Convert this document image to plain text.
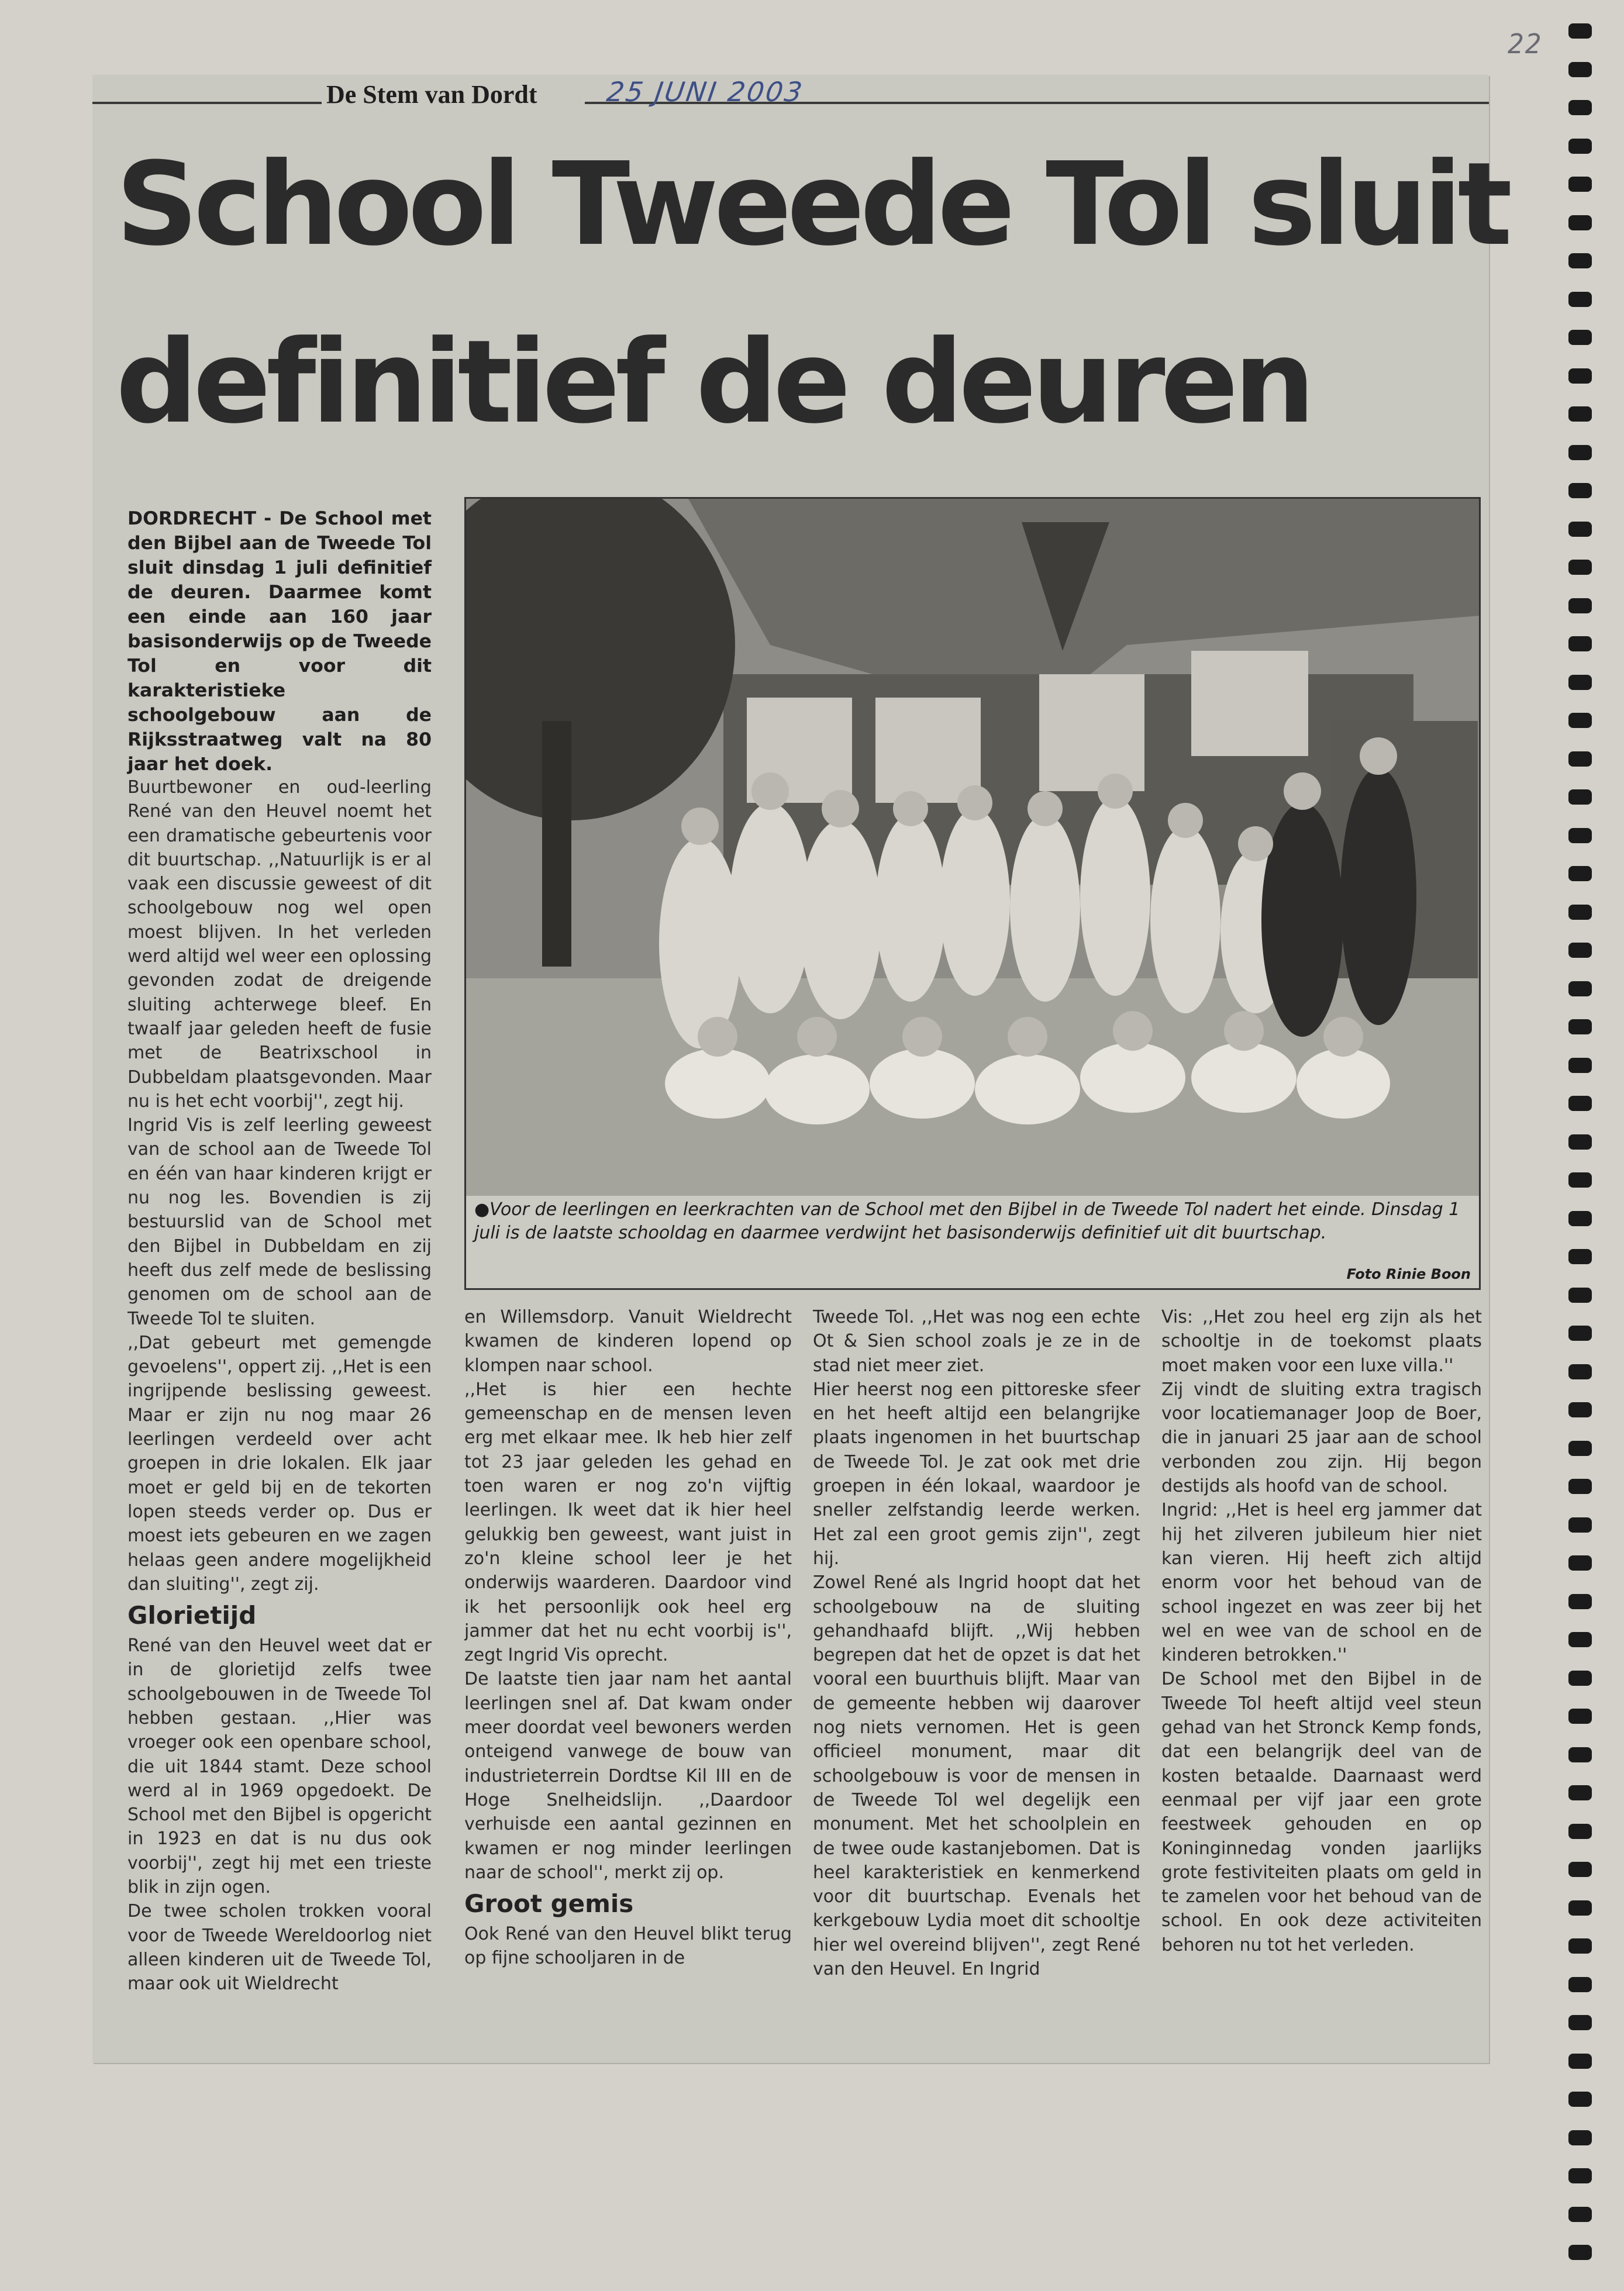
22
De Stem van Dordt	25 JUNI 2003
School Tweede Tol sluit
definitief de deuren
DORDRECHT - De School met den Bijbel aan de Tweede Tol sluit dinsdag 1 juli definitief de deuren. Daarmee komt een einde aan 160 jaar basisonderwijs op de Tweede Tol en voor dit karakteristieke schoolgebouw aan de Rijksstraatweg valt na 80 jaar het doek.
●Voor de leerlingen en leerkrachten van de School met den Bijbel in de Tweede Tol nadert het einde. Dinsdag 1 juli is de laatste schooldag en daarmee verdwijnt het basisonderwijs definitief uit dit buurtschap.
Foto Rinie Boon

Buurtbewoner en oud-leerling René van den Heuvel noemt het een dramatische gebeurtenis voor dit buurtschap. ,,Natuurlijk is er al vaak een discussie geweest of dit schoolgebouw nog wel open moest blijven. In het verleden werd altijd wel weer een oplossing gevonden zodat de dreigende sluiting achterwege bleef. En twaalf jaar geleden heeft de fusie met de Beatrixschool in Dubbeldam plaatsgevonden. Maar nu is het echt voorbij'', zegt hij.

Ingrid Vis is zelf leerling geweest van de school aan de Tweede Tol en één van haar kinderen krijgt er nu nog les. Bovendien is zij bestuurslid van de School met den Bijbel in Dubbeldam en zij heeft dus zelf mede de beslissing genomen om de school aan de Tweede Tol te sluiten.

,,Dat gebeurt met gemengde gevoelens'', oppert zij. ,,Het is een ingrijpende beslissing geweest. Maar er zijn nu nog maar 26 leerlingen verdeeld over acht groepen in drie lokalen. Elk jaar moet er geld bij en de tekorten lopen steeds verder op. Dus er moest iets gebeuren en we zagen helaas geen andere mogelijkheid dan sluiting'', zegt zij.

Glorietijd

René van den Heuvel weet dat er in de glorietijd zelfs twee schoolgebouwen in de Tweede Tol hebben gestaan. ,,Hier was vroeger ook een openbare school, die uit 1844 stamt. Deze school werd al in 1969 opgedoekt. De School met den Bijbel is opgericht in 1923 en dat is nu dus ook voorbij'', zegt hij met een trieste blik in zijn ogen.

De twee scholen trokken vooral voor de Tweede Wereldoorlog niet alleen kinderen uit de Tweede Tol, maar ook uit Wieldrecht

en Willemsdorp. Vanuit Wieldrecht kwamen de kinderen lopend op klompen naar school.

,,Het is hier een hechte gemeenschap en de mensen leven erg met elkaar mee. Ik heb hier zelf tot 23 jaar geleden les gehad en toen waren er nog zo'n vijftig leerlingen. Ik weet dat ik hier heel gelukkig ben geweest, want juist in zo'n kleine school leer je het onderwijs waarderen. Daardoor vind ik het persoonlijk ook heel erg jammer dat het nu echt voorbij is'', zegt Ingrid Vis oprecht.

De laatste tien jaar nam het aantal leerlingen snel af. Dat kwam onder meer doordat veel bewoners werden onteigend vanwege de bouw van industrieterrein Dordtse Kil III en de Hoge Snelheidslijn. ,,Daardoor verhuisde een aantal gezinnen en kwamen er nog minder leerlingen naar de school'', merkt zij op.

Groot gemis

Ook René van den Heuvel blikt terug op fijne schooljaren in de

Tweede Tol. ,,Het was nog een echte Ot & Sien school zoals je ze in de stad niet meer ziet.

Hier heerst nog een pittoreske sfeer en het heeft altijd een belangrijke plaats ingenomen in het buurtschap de Tweede Tol. Je zat ook met drie groepen in één lokaal, waardoor je sneller zelfstandig leerde werken. Het zal een groot gemis zijn'', zegt hij.

Zowel René als Ingrid hoopt dat het schoolgebouw na de sluiting gehandhaafd blijft. ,,Wij hebben begrepen dat het de opzet is dat het vooral een buurthuis blijft. Maar van de gemeente hebben wij daarover nog niets vernomen. Het is geen officieel monument, maar dit schoolgebouw is voor de mensen in de Tweede Tol wel degelijk een monument. Met het schoolplein en de twee oude kastanjebomen. Dat is heel karakteristiek en kenmerkend voor dit buurtschap. Evenals het kerkgebouw Lydia moet dit schooltje hier wel overeind blijven'', zegt René van den Heuvel. En Ingrid

Vis: ,,Het zou heel erg zijn als het schooltje in de toekomst plaats moet maken voor een luxe villa.''

Zij vindt de sluiting extra tragisch voor locatiemanager Joop de Boer, die in januari 25 jaar aan de school verbonden zou zijn. Hij begon destijds als hoofd van de school.

Ingrid: ,,Het is heel erg jammer dat hij het zilveren jubileum hier niet kan vieren. Hij heeft zich altijd enorm voor het behoud van de school ingezet en was zeer bij het wel en wee van de school en de kinderen betrokken.''

De School met den Bijbel in de Tweede Tol heeft altijd veel steun gehad van het Stronck Kemp fonds, dat een belangrijk deel van de kosten betaalde. Daarnaast werd eenmaal per vijf jaar een grote feestweek gehouden en op Koninginnedag vonden jaarlijks grote festiviteiten plaats om geld in te zamelen voor het behoud van de school. En ook deze activiteiten behoren nu tot het verleden.
